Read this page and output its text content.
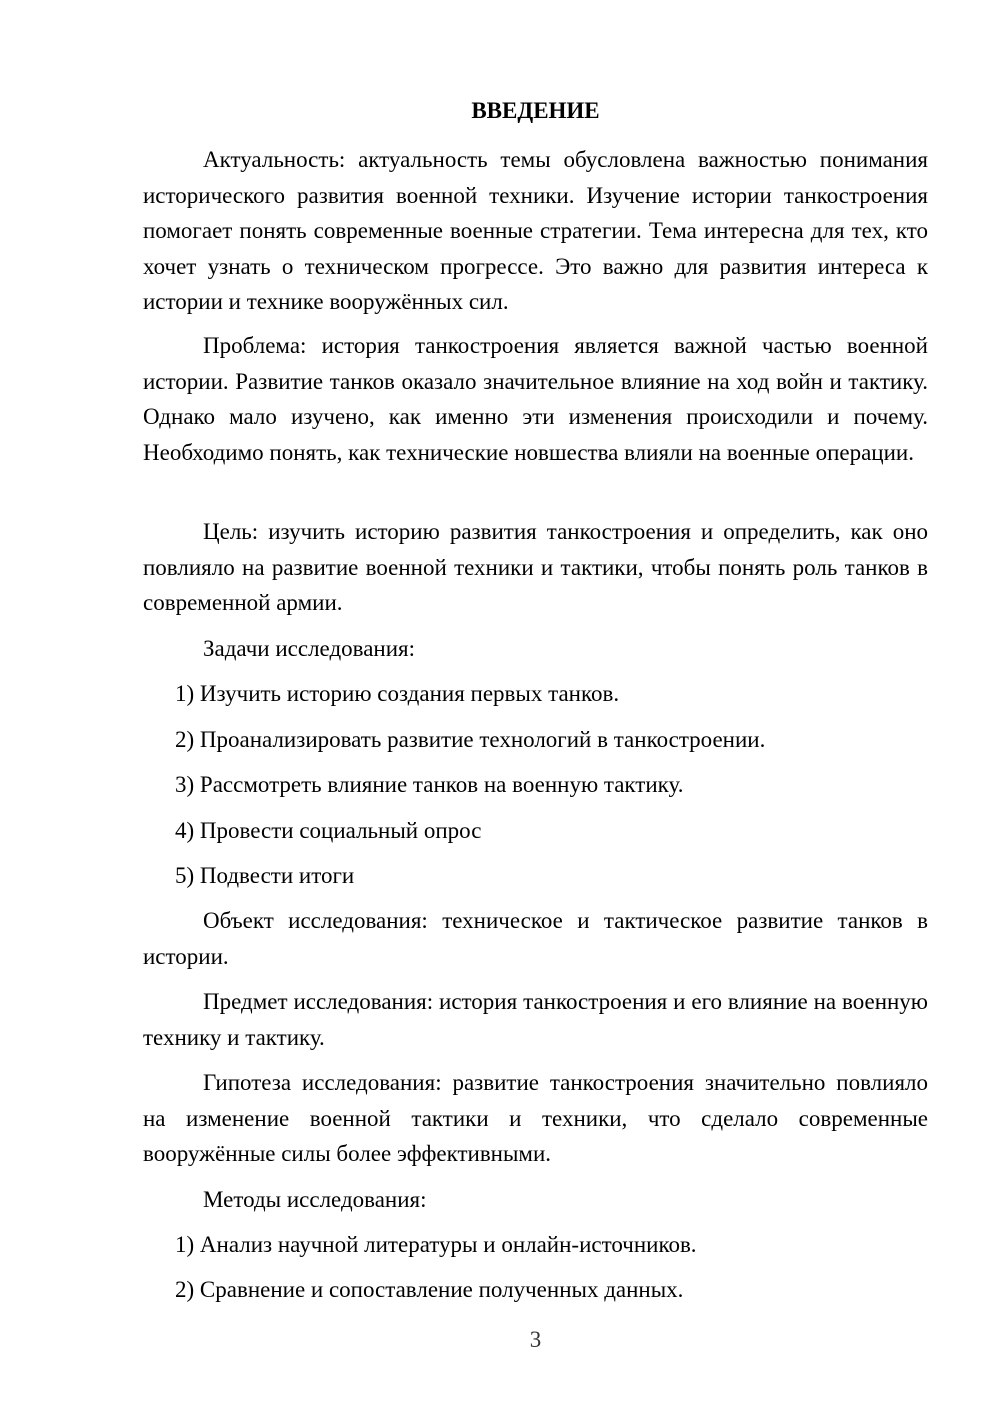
ВВЕДЕНИЕ

Актуальность: актуальность темы обусловлена важностью понимания исторического развития военной техники. Изучение истории танкостроения помогает понять современные военные стратегии. Тема интересна для тех, кто хочет узнать о техническом прогрессе. Это важно для развития интереса к истории и технике вооружённых сил.

Проблема: история танкостроения является важной частью военной истории. Развитие танков оказало значительное влияние на ход войн и тактику. Однако мало изучено, как именно эти изменения происходили и почему. Необходимо понять, как технические новшества влияли на военные операции.

Цель: изучить историю развития танкостроения и определить, как оно повлияло на развитие военной техники и тактики, чтобы понять роль танков в современной армии.

Задачи исследования:

1) Изучить историю создания первых танков.

2) Проанализировать развитие технологий в танкостроении.

3) Рассмотреть влияние танков на военную тактику.

4) Провести социальный опрос

5) Подвести итоги

Объект исследования: техническое и тактическое развитие танков в истории.

Предмет исследования: история танкостроения и его влияние на военную технику и тактику.

Гипотеза исследования: развитие танкостроения значительно повлияло на изменение военной тактики и техники, что сделало современные вооружённые силы более эффективными.

Методы исследования:

1) Анализ научной литературы и онлайн-источников.

2) Сравнение и сопоставление полученных данных.

3
